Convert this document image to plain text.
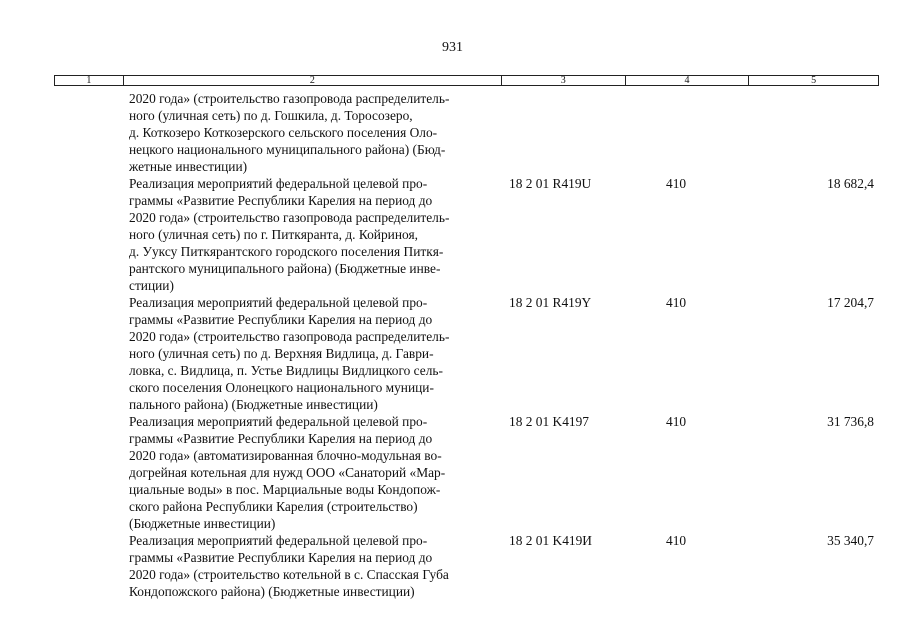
931
1	2	3	4	5
2020 года» (строительство газопровода распределитель-
ного (уличная сеть) по д. Гошкила, д. Торосозеро,
д. Коткозеро Коткозерского сельского поселения Оло-
нецкого национального муниципального района) (Бюд-
жетные инвестиции)
Реализация мероприятий федеральной целевой про-
граммы «Развитие Республики Карелия на период до
2020 года» (строительство газопровода распределитель-
ного (уличная сеть) по г. Питкяранта, д. Койриноя,
д. Ууксу Питкярантского городского поселения Питкя-
рантского муниципального района) (Бюджетные инве-
стиции)
18 2 01 R419U	410	18 682,4
Реализация мероприятий федеральной целевой про-
граммы «Развитие Республики Карелия на период до
2020 года» (строительство газопровода распределитель-
ного (уличная сеть) по д. Верхняя Видлица, д. Гаври-
ловка, с. Видлица, п. Устье Видлицы Видлицкого сель-
ского поселения Олонецкого национального муници-
пального района) (Бюджетные инвестиции)
18 2 01 R419Y	410	17 204,7
Реализация мероприятий федеральной целевой про-
граммы «Развитие Республики Карелия на период до
2020 года» (автоматизированная блочно-модульная во-
догрейная котельная для нужд ООО «Санаторий «Мар-
циальные воды» в пос. Марциальные воды Кондопож-
ского района Республики Карелия (строительство)
(Бюджетные инвестиции)
18 2 01 K4197	410	31 736,8
Реализация мероприятий федеральной целевой про-
граммы «Развитие Республики Карелия на период до
2020 года» (строительство котельной в с. Спасская Губа
Кондопожского района) (Бюджетные инвестиции)
18 2 01 K419И	410	35 340,7
